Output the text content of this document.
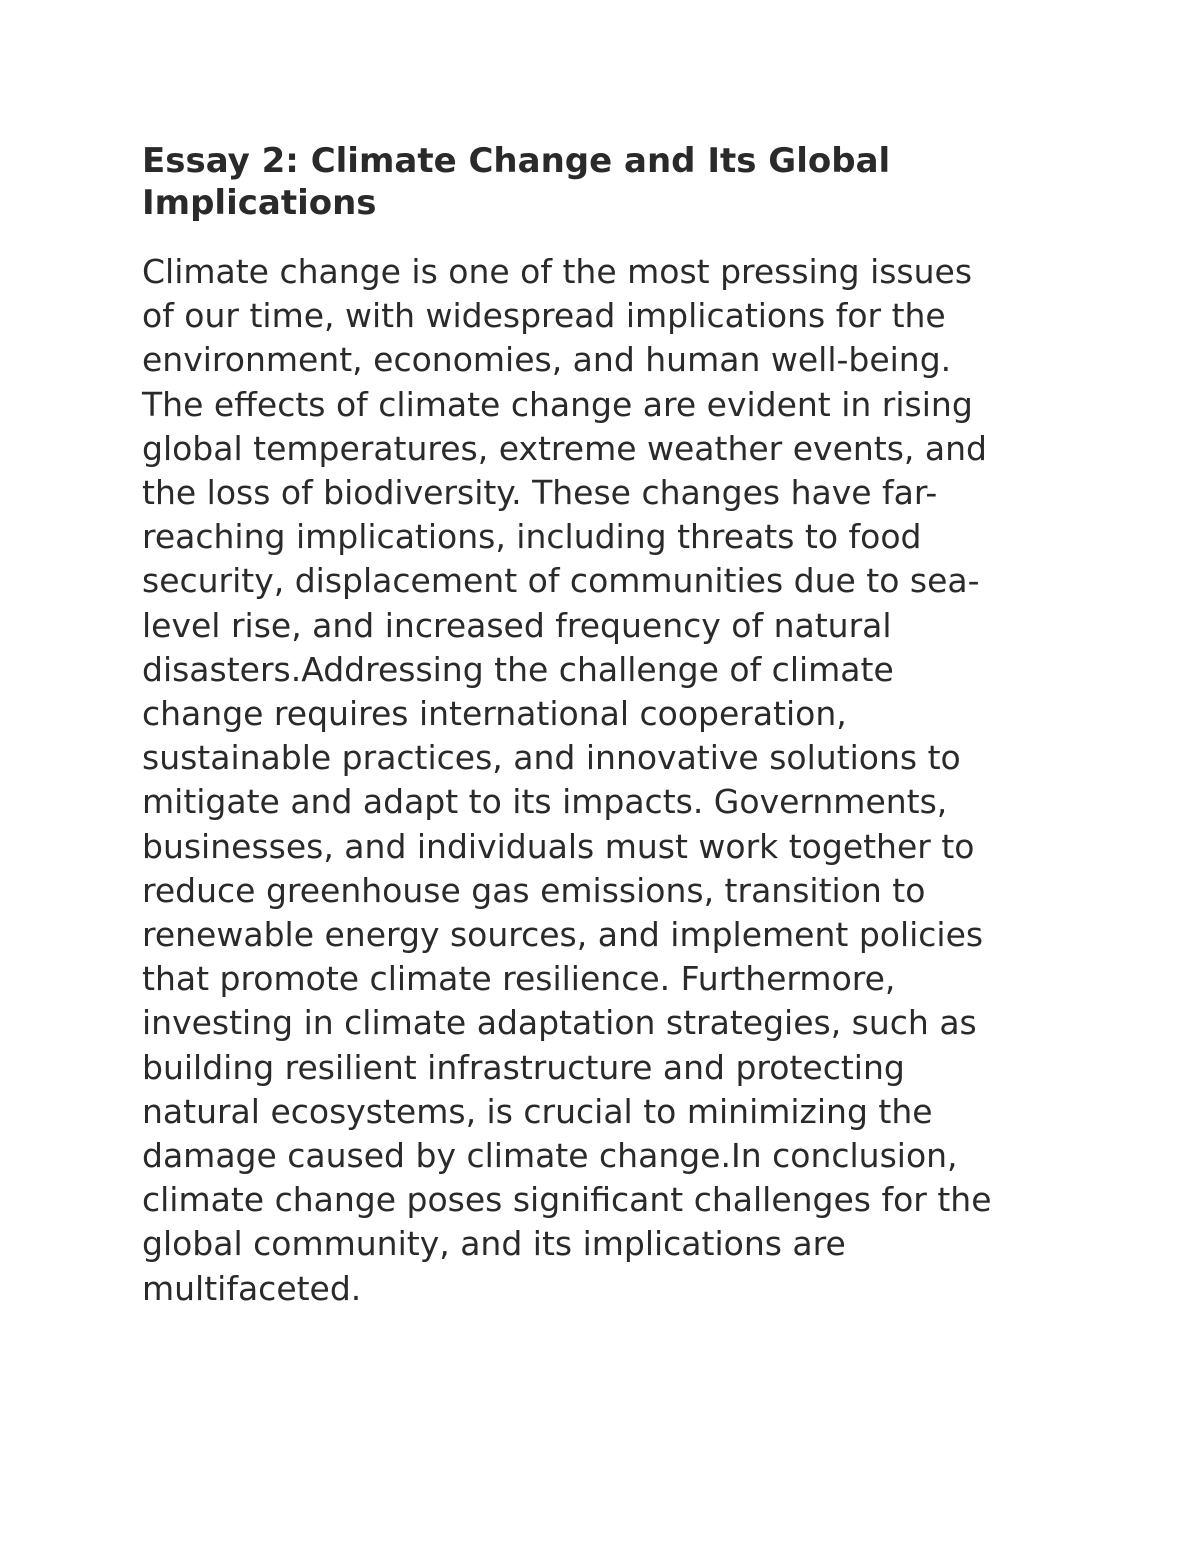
Essay 2: Climate Change and Its Global
Implications

Climate change is one of the most pressing issues
of our time, with widespread implications for the
environment, economies, and human well-being.
The effects of climate change are evident in rising
global temperatures, extreme weather events, and
the loss of biodiversity. These changes have far-
reaching implications, including threats to food
security, displacement of communities due to sea-
level rise, and increased frequency of natural
disasters.Addressing the challenge of climate
change requires international cooperation,
sustainable practices, and innovative solutions to
mitigate and adapt to its impacts. Governments,
businesses, and individuals must work together to
reduce greenhouse gas emissions, transition to
renewable energy sources, and implement policies
that promote climate resilience. Furthermore,
investing in climate adaptation strategies, such as
building resilient infrastructure and protecting
natural ecosystems, is crucial to minimizing the
damage caused by climate change.In conclusion,
climate change poses significant challenges for the
global community, and its implications are
multifaceted.
